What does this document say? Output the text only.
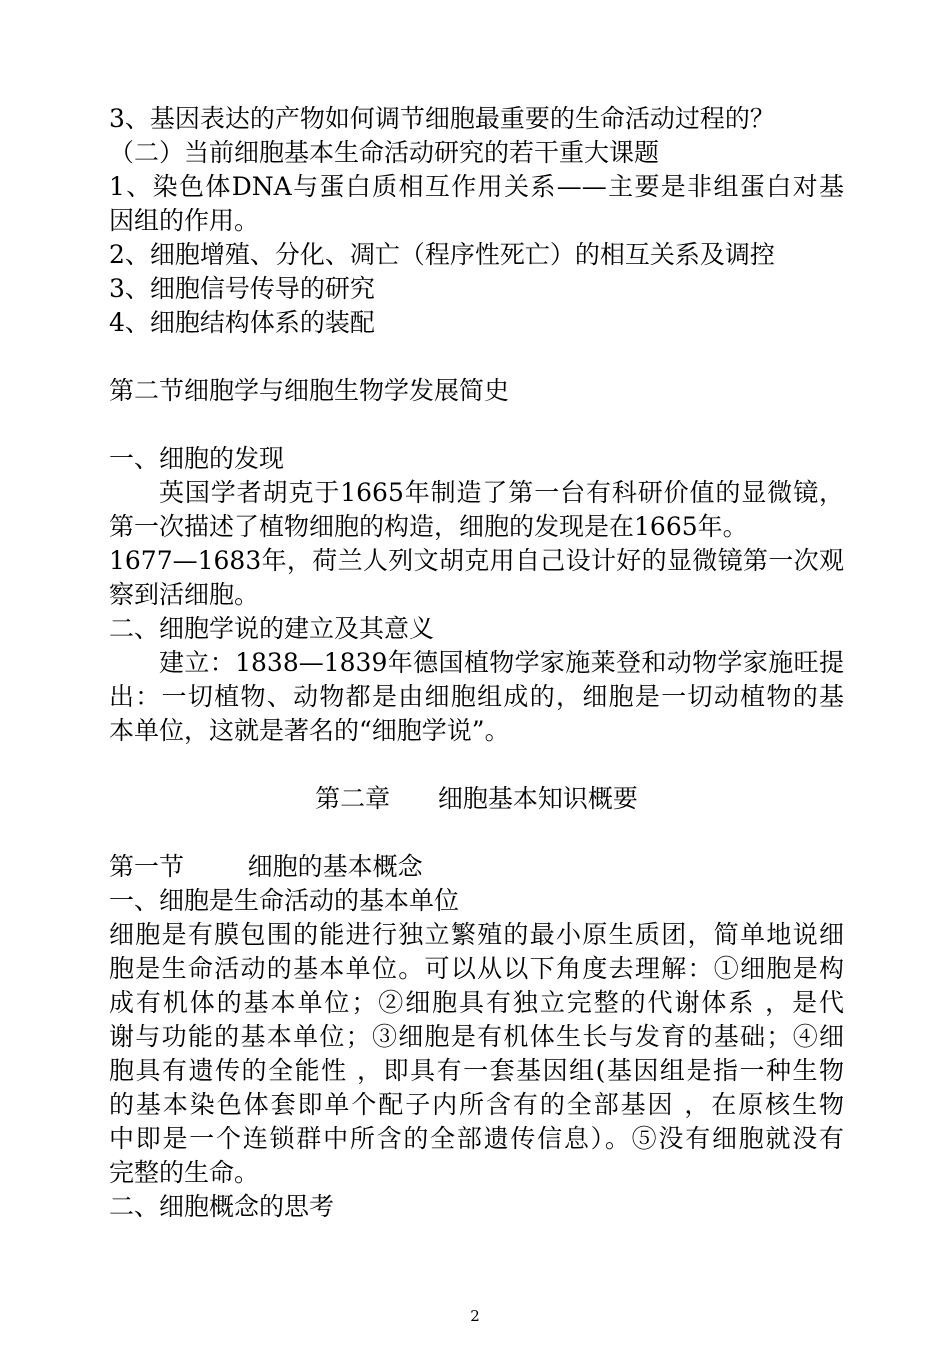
3、基因表达的产物如何调节细胞最重要的生命活动过程的？
（二）当前细胞基本生命活动研究的若干重大课题
1、染色体DNA与蛋白质相互作用关系——主要是非组蛋白对基
因组的作用。
2、细胞增殖、分化、凋亡（程序性死亡）的相互关系及调控
3、细胞信号传导的研究
4、细胞结构体系的装配
第二节细胞学与细胞生物学发展简史
一、细胞的发现
英国学者胡克于1665年制造了第一台有科研价值的显微镜，
第一次描述了植物细胞的构造，细胞的发现是在1665年。
1677—1683年，荷兰人列文胡克用自己设计好的显微镜第一次观
察到活细胞。
二、细胞学说的建立及其意义
建立：1838—1839年德国植物学家施莱登和动物学家施旺提
出：一切植物、动物都是由细胞组成的，细胞是一切动植物的基
本单位，这就是著名的“细胞学说”。
第二章      细胞基本知识概要
第一节        细胞的基本概念
一、细胞是生命活动的基本单位
细胞是有膜包围的能进行独立繁殖的最小原生质团，简单地说细
胞是生命活动的基本单位。可以从以下角度去理解：①细胞是构
成有机体的基本单位；②细胞具有独立完整的代谢体系 ，是代
谢与功能的基本单位；③细胞是有机体生长与发育的基础；④细
胞具有遗传的全能性 ，即具有一套基因组(基因组是指一种生物
的基本染色体套即单个配子内所含有的全部基因 ，在原核生物
中即是一个连锁群中所含的全部遗传信息）。⑤没有细胞就没有
完整的生命。
二、细胞概念的思考
2
